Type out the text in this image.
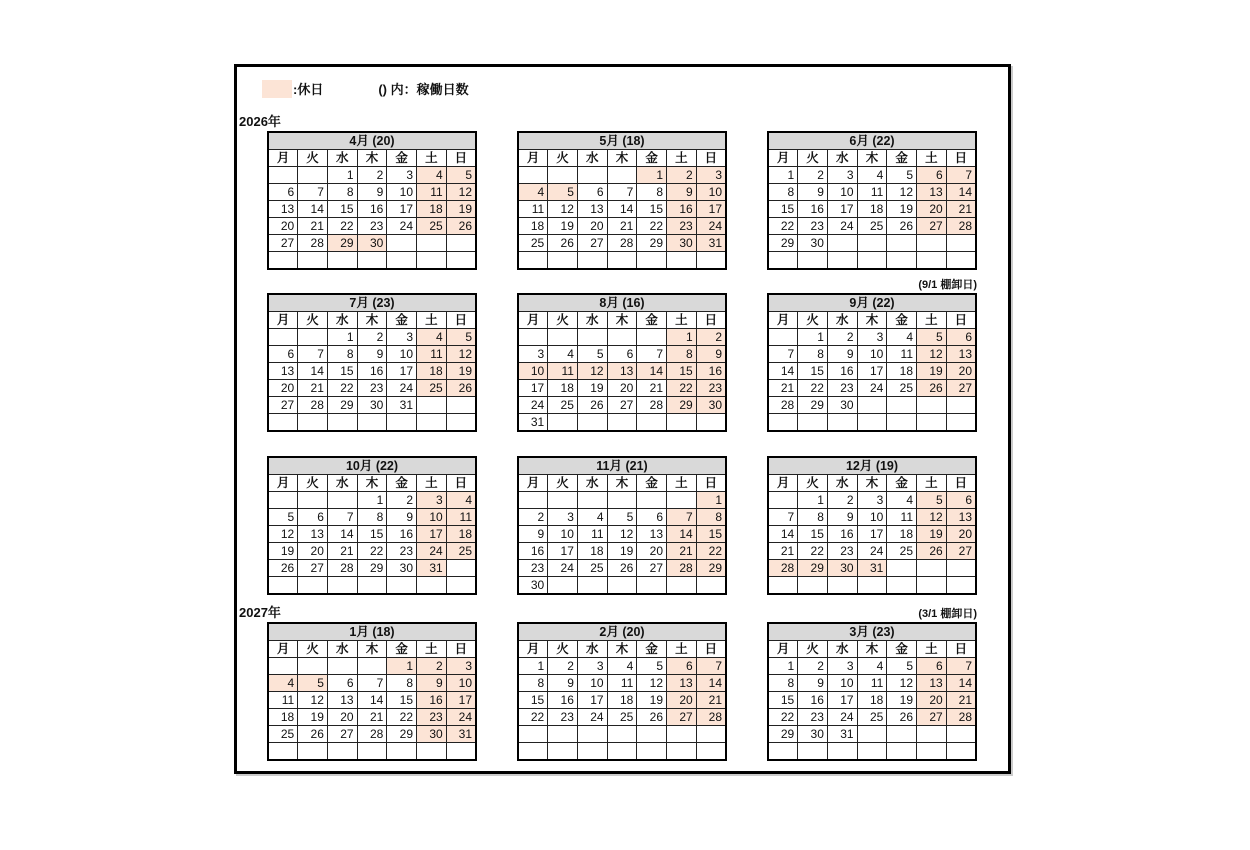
:休日	() 内：稼働日数
2026年
2027年
4月 (20)						
月	火	水	木	金	土	日
		1	2	3	4	5
6	7	8	9	10	11	12
13	14	15	16	17	18	19
20	21	22	23	24	25	26
27	28	29	30			

5月 (18)						
月	火	水	木	金	土	日
				1	2	3
4	5	6	7	8	9	10
11	12	13	14	15	16	17
18	19	20	21	22	23	24
25	26	27	28	29	30	31

6月 (22)						
月	火	水	木	金	土	日
1	2	3	4	5	6	7
8	9	10	11	12	13	14
15	16	17	18	19	20	21
22	23	24	25	26	27	28
29	30					

7月 (23)						
月	火	水	木	金	土	日
		1	2	3	4	5
6	7	8	9	10	11	12
13	14	15	16	17	18	19
20	21	22	23	24	25	26
27	28	29	30	31		

8月 (16)						
月	火	水	木	金	土	日
					1	2
3	4	5	6	7	8	9
10	11	12	13	14	15	16
17	18	19	20	21	22	23
24	25	26	27	28	29	30
31						
(9/1 棚卸日)
9月 (22)						
月	火	水	木	金	土	日
	1	2	3	4	5	6
7	8	9	10	11	12	13
14	15	16	17	18	19	20
21	22	23	24	25	26	27
28	29	30				

10月 (22)						
月	火	水	木	金	土	日
			1	2	3	4
5	6	7	8	9	10	11
12	13	14	15	16	17	18
19	20	21	22	23	24	25
26	27	28	29	30	31	

11月 (21)						
月	火	水	木	金	土	日
						1
2	3	4	5	6	7	8
9	10	11	12	13	14	15
16	17	18	19	20	21	22
23	24	25	26	27	28	29
30						
12月 (19)						
月	火	水	木	金	土	日
	1	2	3	4	5	6
7	8	9	10	11	12	13
14	15	16	17	18	19	20
21	22	23	24	25	26	27
28	29	30	31			

1月 (18)						
月	火	水	木	金	土	日
				1	2	3
4	5	6	7	8	9	10
11	12	13	14	15	16	17
18	19	20	21	22	23	24
25	26	27	28	29	30	31

2月 (20)						
月	火	水	木	金	土	日
1	2	3	4	5	6	7
8	9	10	11	12	13	14
15	16	17	18	19	20	21
22	23	24	25	26	27	28

(3/1 棚卸日)
3月 (23)						
月	火	水	木	金	土	日
1	2	3	4	5	6	7
8	9	10	11	12	13	14
15	16	17	18	19	20	21
22	23	24	25	26	27	28
29	30	31				
